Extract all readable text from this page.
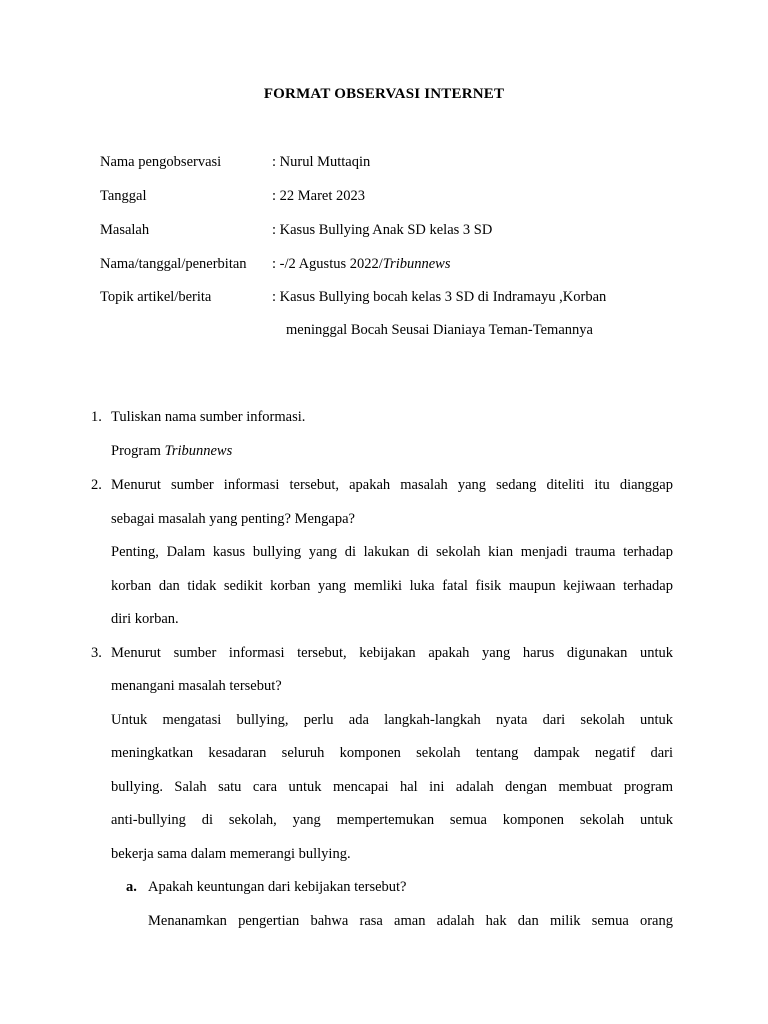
FORMAT OBSERVASI INTERNET
Nama pengobservasi	: Nurul Muttaqin
Tanggal	: 22 Maret 2023
Masalah	: Kasus Bullying Anak SD kelas 3 SD
Nama/tanggal/penerbitan : -/2 Agustus 2022/Tribunnews
Topik artikel/berita	: Kasus Bullying bocah kelas 3 SD di Indramayu ,Korban
meninggal Bocah Seusai Dianiaya Teman-Temannya
1. Tuliskan nama sumber informasi.
Program Tribunnews
2. Menurut sumber informasi tersebut, apakah masalah yang sedang diteliti itu dianggap
sebagai masalah yang penting? Mengapa?
Penting, Dalam kasus bullying yang di lakukan di sekolah kian menjadi trauma terhadap
korban dan tidak sedikit korban yang memliki luka fatal fisik maupun kejiwaan terhadap
diri korban.
3. Menurut sumber informasi tersebut, kebijakan apakah yang harus digunakan untuk
menangani masalah tersebut?
Untuk mengatasi bullying, perlu ada langkah-langkah nyata dari sekolah untuk
meningkatkan kesadaran seluruh komponen sekolah tentang dampak negatif dari
bullying. Salah satu cara untuk mencapai hal ini adalah dengan membuat program
anti-bullying di sekolah, yang mempertemukan semua komponen sekolah untuk
bekerja sama dalam memerangi bullying.
a. Apakah keuntungan dari kebijakan tersebut?
Menanamkan pengertian bahwa rasa aman adalah hak dan milik semua orang
